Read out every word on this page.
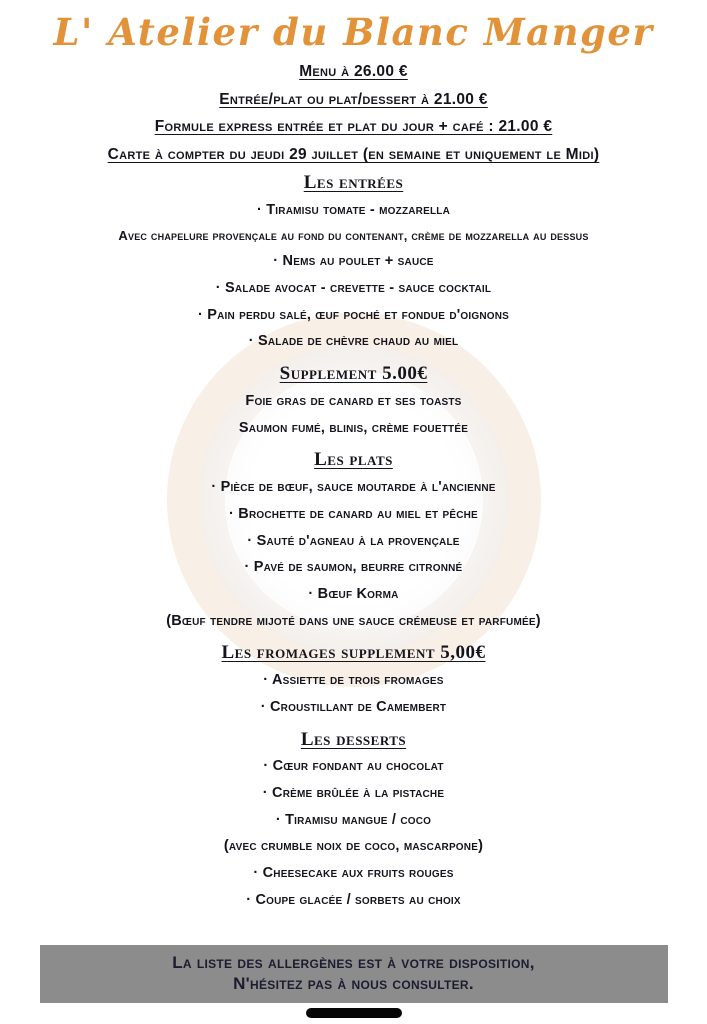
L' Atelier du Blanc Manger
Menu à 26.00 €
Entrée/plat ou plat/dessert à 21.00 €
Formule express entrée et plat du jour + café : 21.00 €
Carte à compter du jeudi 29 juillet (en semaine et uniquement le Midi)
Les entrées
· Tiramisu tomate - mozzarella
Avec chapelure provençale au fond du contenant, crème de mozzarella au dessus
· Nems au poulet + sauce
· Salade avocat - crevette - sauce cocktail
· Pain perdu salé, œuf poché et fondue d'oignons
· Salade de chèvre chaud au miel
Supplement 5.00€
Foie gras de canard et ses toasts
Saumon fumé, blinis, crème fouettée
Les plats
· Pièce de bœuf, sauce moutarde à l'ancienne
· Brochette de canard au miel et pêche
· Sauté d'agneau à la provençale
· Pavé de saumon, beurre citronné
· Bœuf Korma
(Bœuf tendre mijoté dans une sauce crémeuse et parfumée)
Les fromages supplement 5,00€
· Assiette de trois fromages
· Croustillant de Camembert
Les desserts
· Cœur fondant au chocolat
· Crème brûlée à la pistache
· Tiramisu mangue / coco
(avec crumble noix de coco, mascarpone)
· Cheesecake aux fruits rouges
· Coupe glacée / sorbets au choix
La liste des allergènes est à votre disposition,
N'hésitez pas à nous consulter.
